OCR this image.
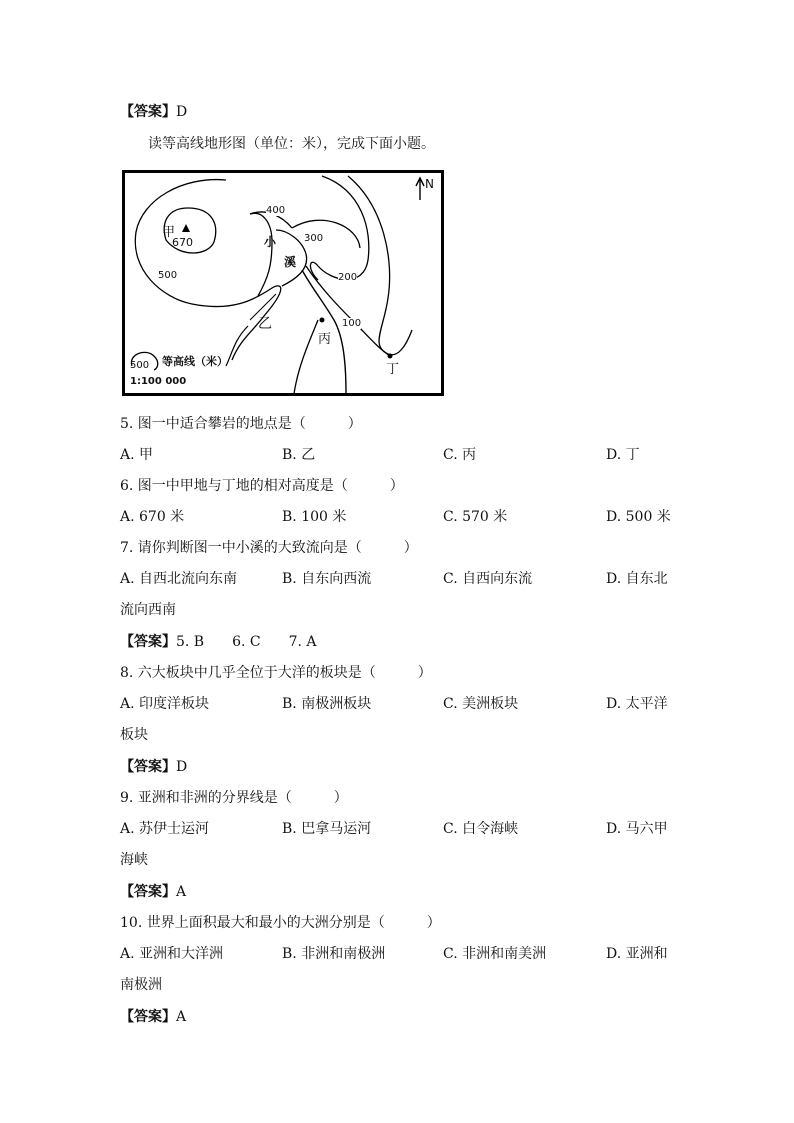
【答案】D
读等高线地形图（单位：米），完成下面小题。
N
甲
670
400
300
200
100
500
小
溪
乙
丙
丁
500 等高线（米）
1:100 000
5. 图一中适合攀岩的地点是（　　　）
A. 甲	B. 乙	C. 丙	D. 丁
6. 图一中甲地与丁地的相对高度是（　　　）
A. 670 米	B. 100 米	C. 570 米	D. 500 米
7. 请你判断图一中小溪的大致流向是（　　　）
A. 自西北流向东南	B. 自东向西流	C. 自西向东流	D. 自东北
流向西南
【答案】5. B　　6. C　　7. A
8. 六大板块中几乎全位于大洋的板块是（　　　）
A. 印度洋板块	B. 南极洲板块	C. 美洲板块	D. 太平洋
板块
【答案】D
9. 亚洲和非洲的分界线是（　　　）
A. 苏伊士运河	B. 巴拿马运河	C. 白令海峡	D. 马六甲
海峡
【答案】A
10. 世界上面积最大和最小的大洲分别是（　　　）
A. 亚洲和大洋洲	B. 非洲和南极洲	C. 非洲和南美洲	D. 亚洲和
南极洲
【答案】A
